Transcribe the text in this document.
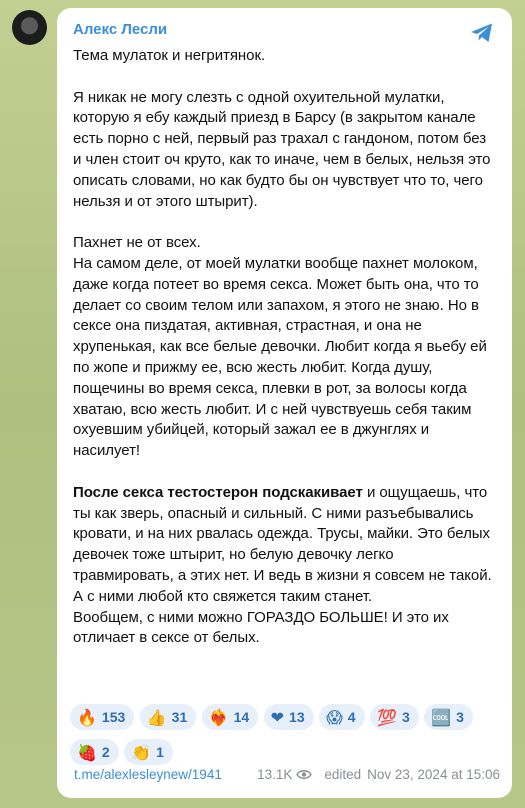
Алекс Лесли
Тема мулаток и негритянок.

Я никак не могу слезть с одной охуительной мулатки, которую я ебу каждый приезд в Барсу (в закрытом канале есть порно с ней, первый раз трахал с гандоном, потом без и член стоит оч круто, как то иначе, чем в белых, нельзя это описать словами, но как будто бы он чувствует что то, чего нельзя и от этого штырит).

Пахнет не от всех.
На самом деле, от моей мулатки вообще пахнет молоком, даже когда потеет во время секса. Может быть она, что то делает со своим телом или запахом, я этого не знаю. Но в сексе она пиздатая, активная, страстная, и она не хрупенькая, как все белые девочки. Любит когда я вьебу ей по жопе и прижму ее, всю жесть любит. Когда душу, пощечины во время секса, плевки в рот, за волосы когда хватаю, всю жесть любит. И с ней чувствуешь себя таким охуевшим убийцей, который зажал ее в джунглях и насилует!

После секса тестостерон подскакивает и ощущаешь, что ты как зверь, опасный и сильный. С ними разъебывались кровати, и на них рвалась одежда. Трусы, майки. Это белых девочек тоже штырит, но белую девочку легко травмировать, а этих нет. И ведь в жизни я совсем не такой. А с ними любой кто свяжется таким станет.
Вообщем, с ними можно ГОРАЗДО БОЛЬШЕ! И это их отличает в сексе от белых.
🔥 153
👍 31
❤‍🔥 14
❤ 13
😱 4
💯 3
🆒 3

🍓 2
👏 1
t.me/alexlesleynew/1941	13.1K edited Nov 23, 2024 at 15:06
